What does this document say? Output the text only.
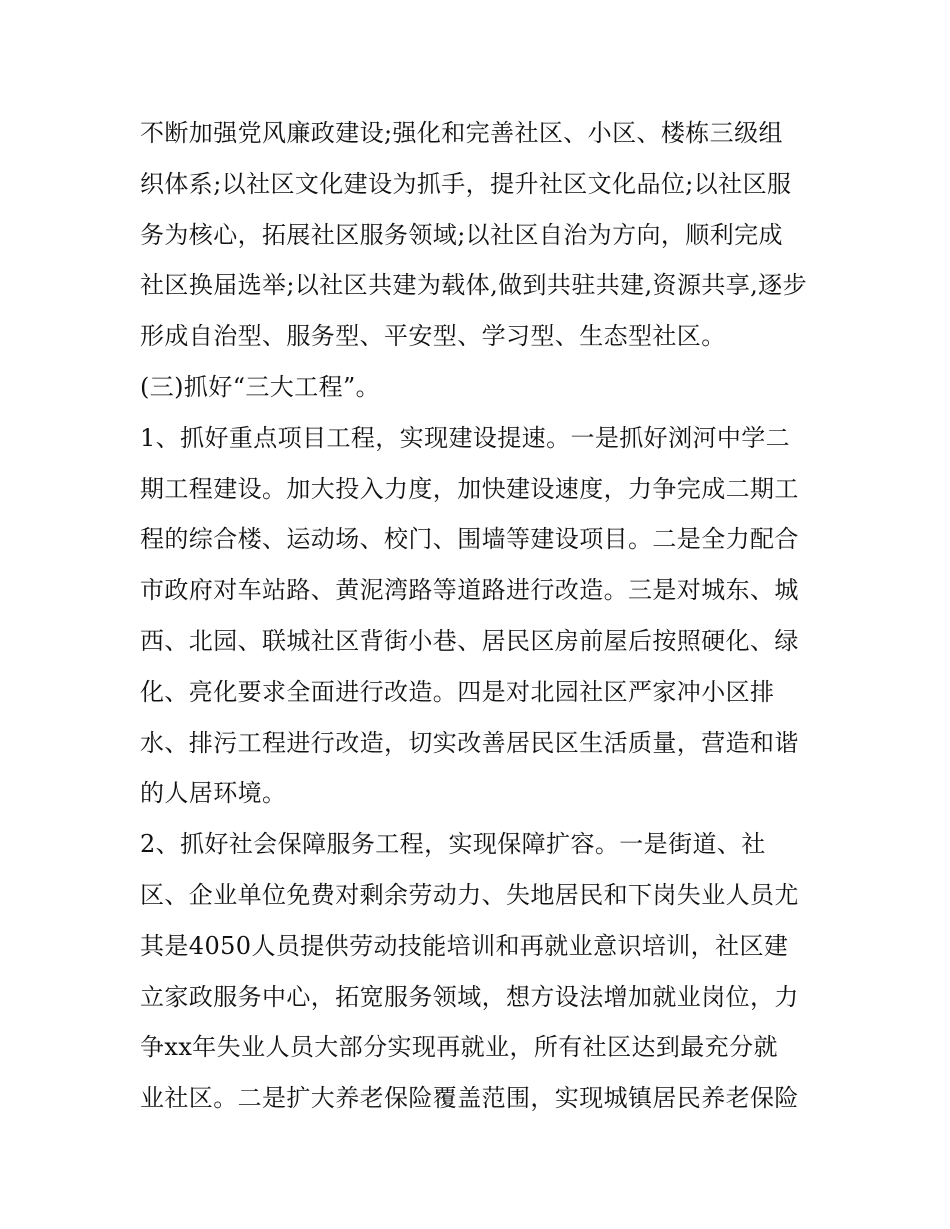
不断加强党风廉政建设;强化和完善社区、小区、楼栋三级组
织体系;以社区文化建设为抓手，提升社区文化品位;以社区服
务为核心，拓展社区服务领域;以社区自治为方向，顺利完成
社区换届选举;以社区共建为载体,做到共驻共建,资源共享,逐步
形成自治型、服务型、平安型、学习型、生态型社区。
(三)抓好“三大工程”。
1、抓好重点项目工程，实现建设提速。一是抓好浏河中学二
期工程建设。加大投入力度，加快建设速度，力争完成二期工
程的综合楼、运动场、校门、围墙等建设项目。二是全力配合
市政府对车站路、黄泥湾路等道路进行改造。三是对城东、城
西、北园、联城社区背街小巷、居民区房前屋后按照硬化、绿
化、亮化要求全面进行改造。四是对北园社区严家冲小区排
水、排污工程进行改造，切实改善居民区生活质量，营造和谐
的人居环境。
2、抓好社会保障服务工程，实现保障扩容。一是街道、社
区、企业单位免费对剩余劳动力、失地居民和下岗失业人员尤
其是4050人员提供劳动技能培训和再就业意识培训，社区建
立家政服务中心，拓宽服务领域，想方设法增加就业岗位，力
争xx年失业人员大部分实现再就业，所有社区达到最充分就
业社区。二是扩大养老保险覆盖范围，实现城镇居民养老保险
